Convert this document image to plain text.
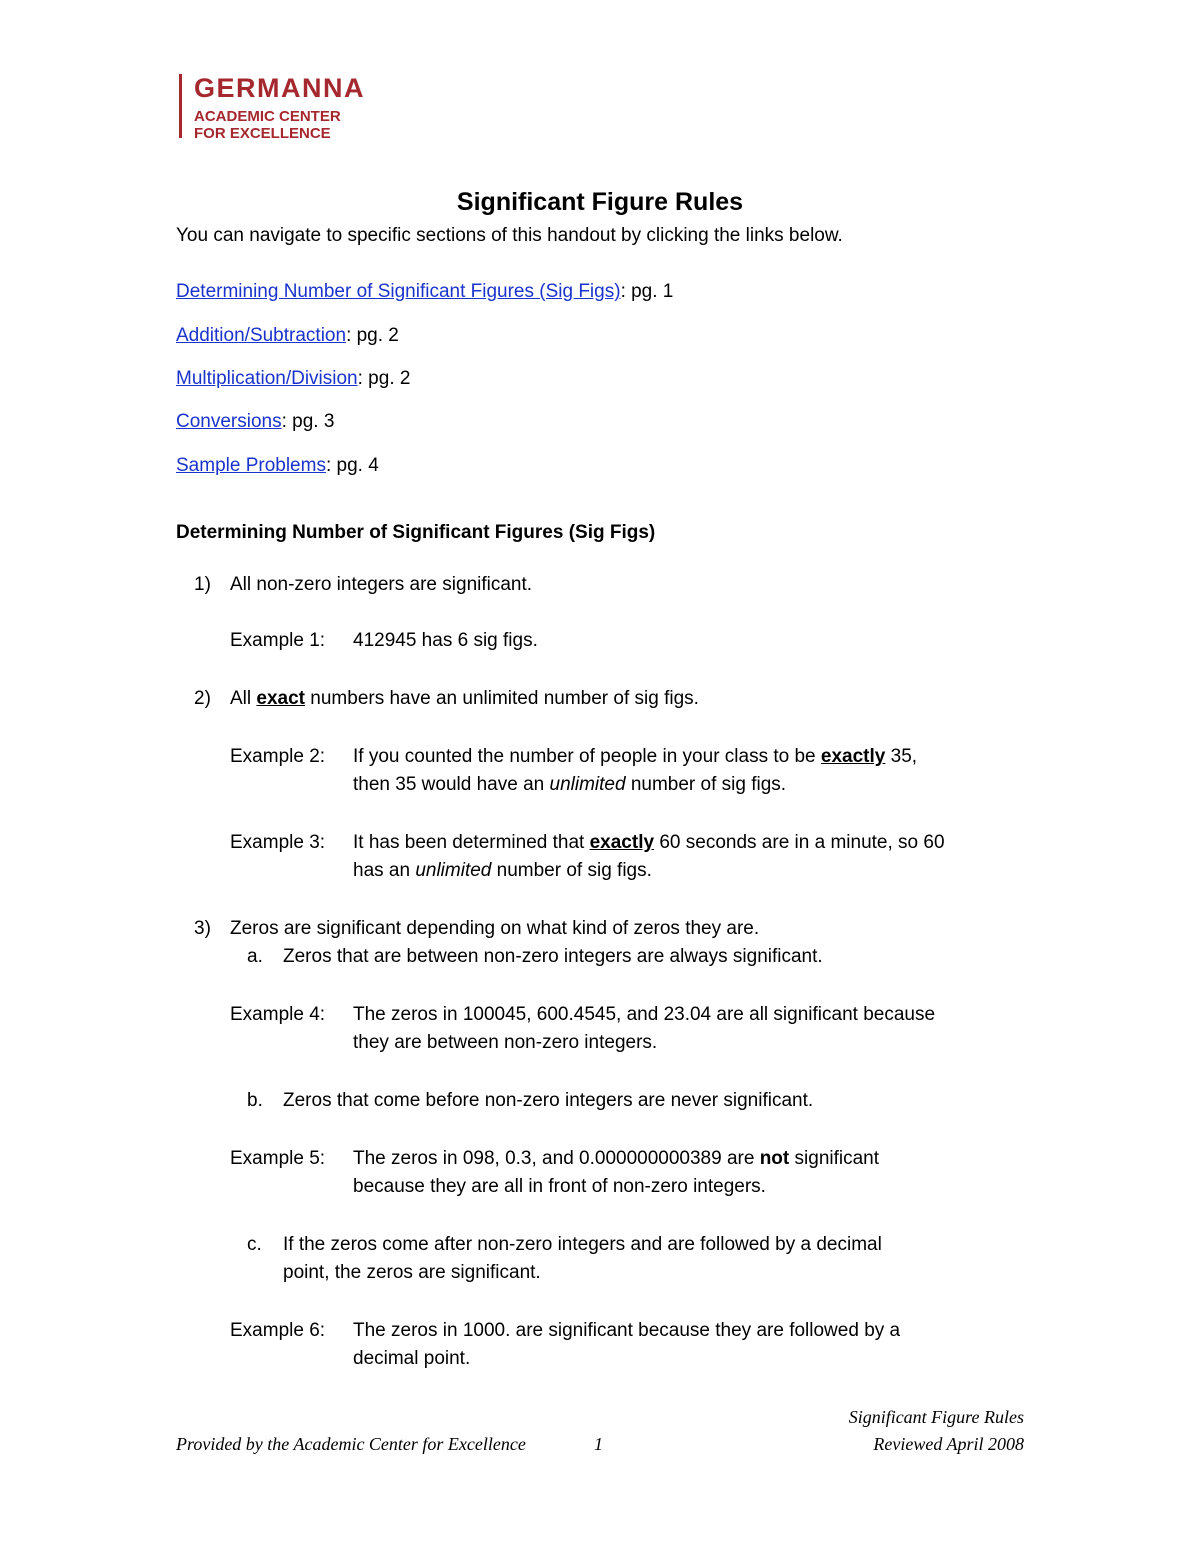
GERMANNA
ACADEMIC CENTER
FOR EXCELLENCE
Significant Figure Rules
You can navigate to specific sections of this handout by clicking the links below.
Determining Number of Significant Figures (Sig Figs): pg. 1
Addition/Subtraction: pg. 2
Multiplication/Division: pg. 2
Conversions: pg. 3
Sample Problems: pg. 4
Determining Number of Significant Figures (Sig Figs)
1) All non-zero integers are significant.
Example 1: 412945 has 6 sig figs.
2) All exact numbers have an unlimited number of sig figs.
Example 2: If you counted the number of people in your class to be exactly 35,
then 35 would have an unlimited number of sig figs.
Example 3: It has been determined that exactly 60 seconds are in a minute, so 60
has an unlimited number of sig figs.
3) Zeros are significant depending on what kind of zeros they are.
a. Zeros that are between non-zero integers are always significant.
Example 4: The zeros in 100045, 600.4545, and 23.04 are all significant because
they are between non-zero integers.
b. Zeros that come before non-zero integers are never significant.
Example 5: The zeros in 098, 0.3, and 0.000000000389 are not significant
because they are all in front of non-zero integers.
c. If the zeros come after non-zero integers and are followed by a decimal
point, the zeros are significant.
Example 6: The zeros in 1000. are significant because they are followed by a
decimal point.
Significant Figure Rules
Provided by the Academic Center for Excellence	1	Reviewed April 2008
